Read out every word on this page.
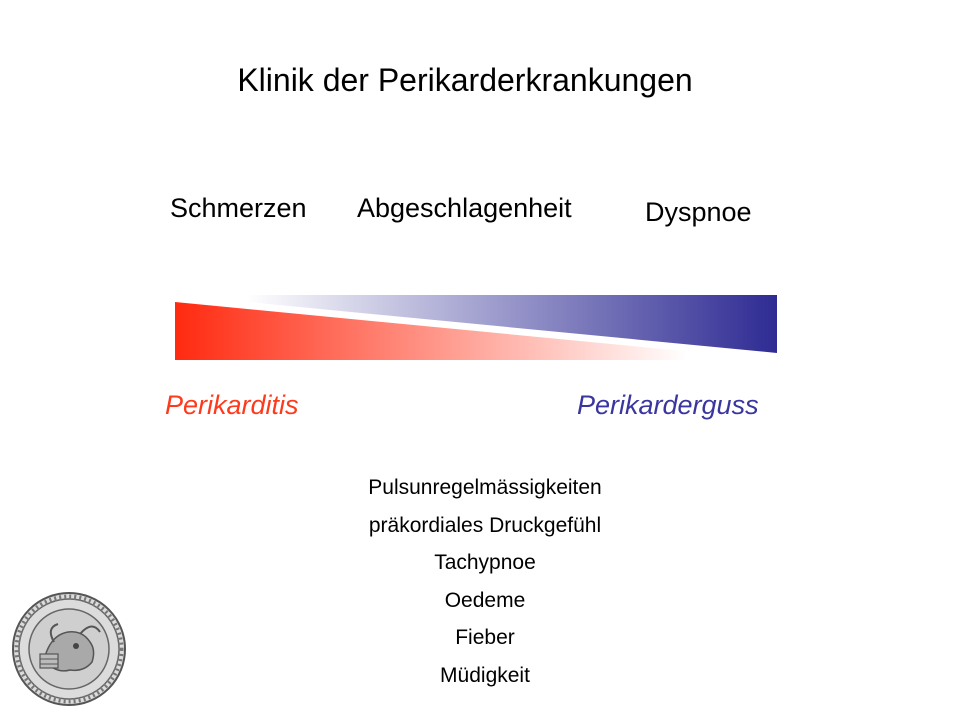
Klinik der Perikarderkrankungen
Schmerzen Abgeschlagenheit	Dyspnoe
Perikarditis	Perikarderguss
Pulsunregelmässigkeiten
präkordiales Druckgefühl
Tachypnoe
Oedeme
Fieber
Müdigkeit
